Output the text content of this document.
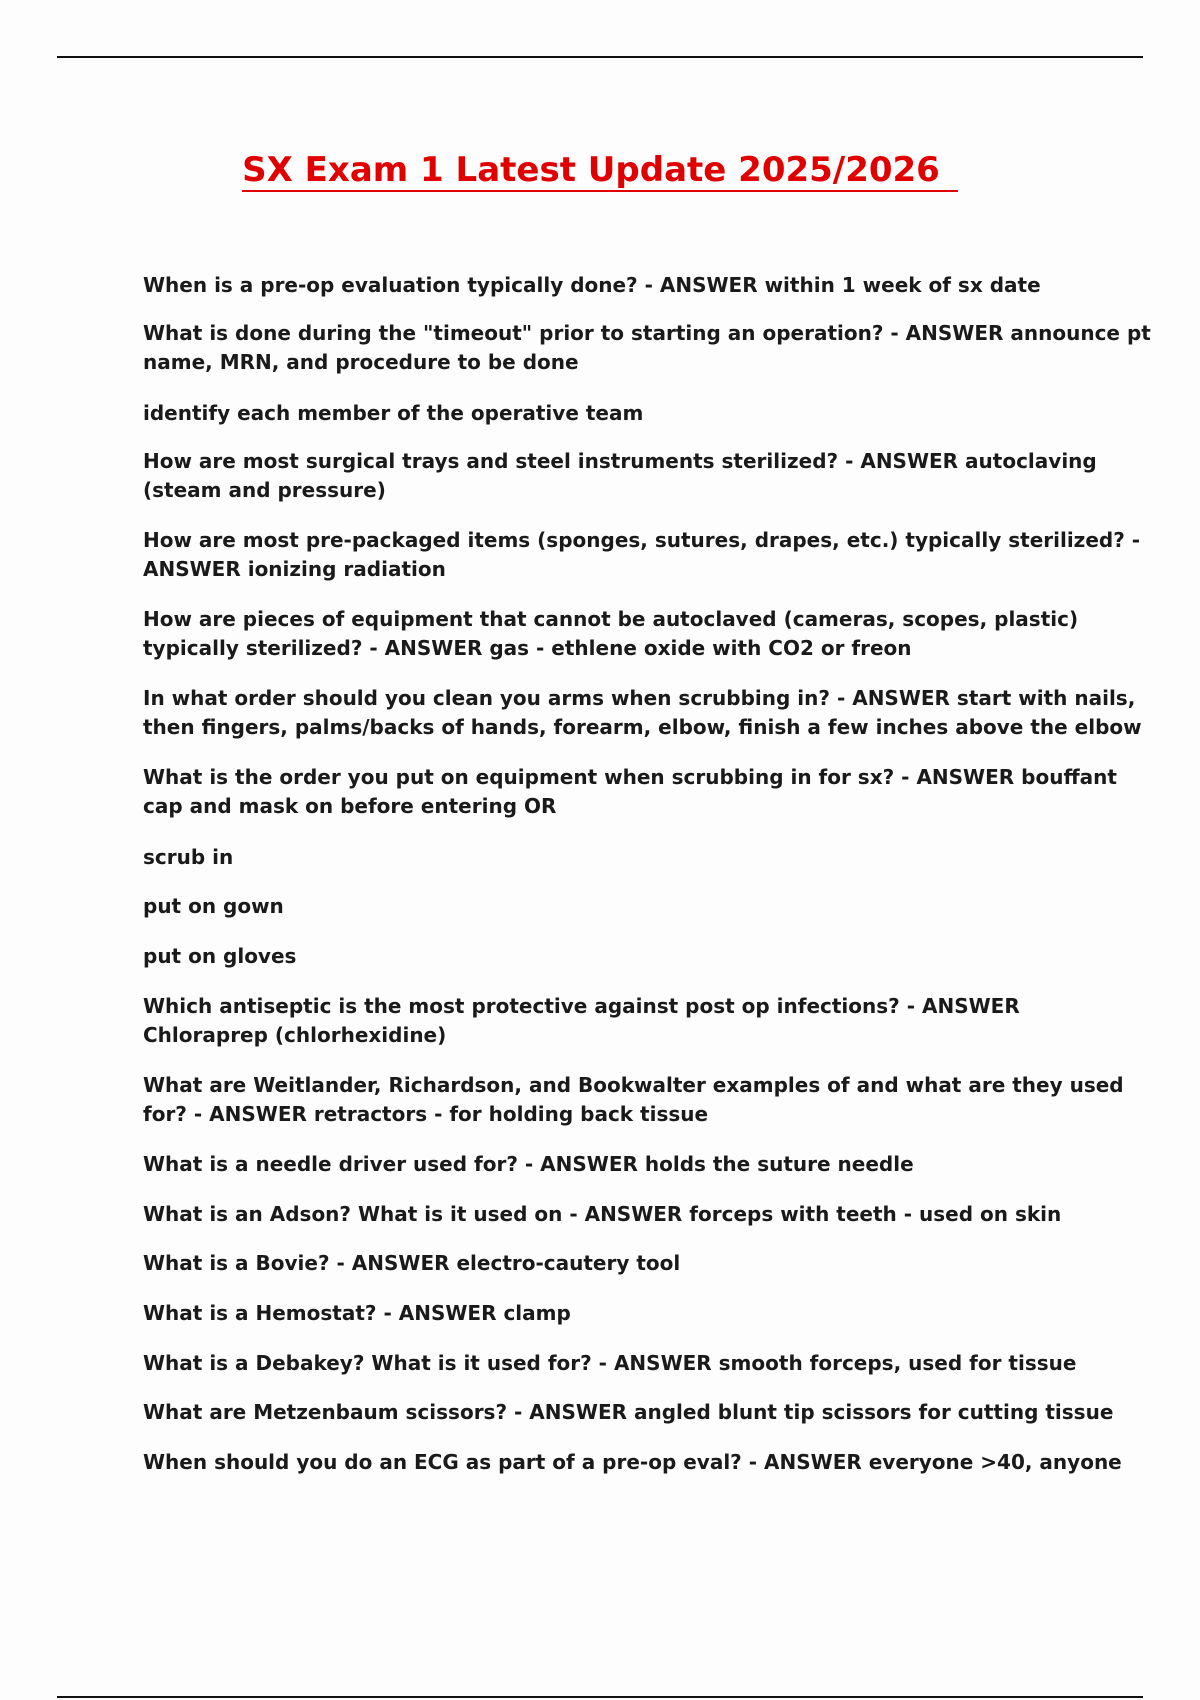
SX Exam 1 Latest Update 2025/2026

When is a pre-op evaluation typically done? - ANSWER within 1 week of sx date

What is done during the "timeout" prior to starting an operation? - ANSWER announce pt
name, MRN, and procedure to be done

identify each member of the operative team

How are most surgical trays and steel instruments sterilized? - ANSWER autoclaving
(steam and pressure)

How are most pre-packaged items (sponges, sutures, drapes, etc.) typically sterilized? -
ANSWER ionizing radiation

How are pieces of equipment that cannot be autoclaved (cameras, scopes, plastic)
typically sterilized? - ANSWER gas - ethlene oxide with CO2 or freon

In what order should you clean you arms when scrubbing in? - ANSWER start with nails,
then fingers, palms/backs of hands, forearm, elbow, finish a few inches above the elbow

What is the order you put on equipment when scrubbing in for sx? - ANSWER bouffant
cap and mask on before entering OR

scrub in

put on gown

put on gloves

Which antiseptic is the most protective against post op infections? - ANSWER
Chloraprep (chlorhexidine)

What are Weitlander, Richardson, and Bookwalter examples of and what are they used
for? - ANSWER retractors - for holding back tissue

What is a needle driver used for? - ANSWER holds the suture needle

What is an Adson? What is it used on - ANSWER forceps with teeth - used on skin

What is a Bovie? - ANSWER electro-cautery tool

What is a Hemostat? - ANSWER clamp

What is a Debakey? What is it used for? - ANSWER smooth forceps, used for tissue

What are Metzenbaum scissors? - ANSWER angled blunt tip scissors for cutting tissue

When should you do an ECG as part of a pre-op eval? - ANSWER everyone >40, anyone
